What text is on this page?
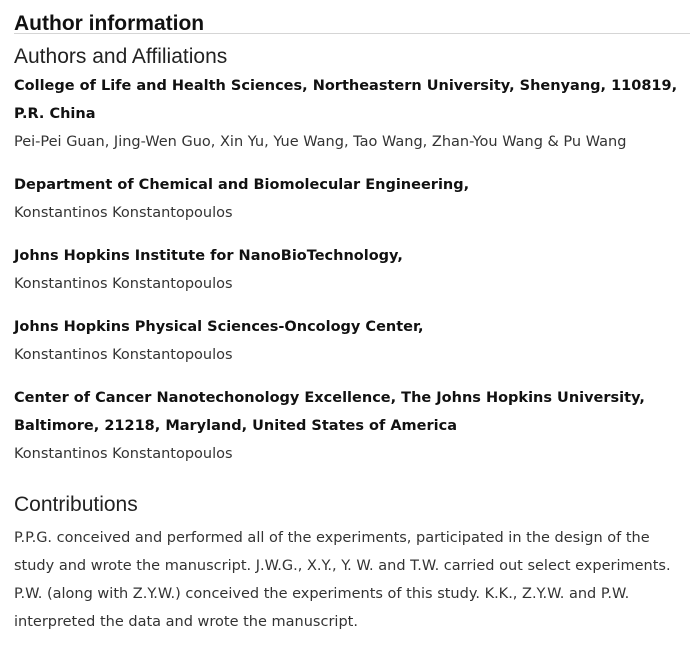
Author information
Authors and Affiliations

College of Life and Health Sciences, Northeastern University, Shenyang, 110819, P.R. China

Pei-Pei Guan, Jing-Wen Guo, Xin Yu, Yue Wang, Tao Wang, Zhan-You Wang & Pu Wang

Department of Chemical and Biomolecular Engineering,

Konstantinos Konstantopoulos

Johns Hopkins Institute for NanoBioTechnology,

Konstantinos Konstantopoulos

Johns Hopkins Physical Sciences-Oncology Center,

Konstantinos Konstantopoulos

Center of Cancer Nanotechonology Excellence, The Johns Hopkins University, Baltimore, 21218, Maryland, United States of America

Konstantinos Konstantopoulos

Contributions

P.P.G. conceived and performed all of the experiments, participated in the design of the study and wrote the manuscript. J.W.G., X.Y., Y. W. and T.W. carried out select experiments. P.W. (along with Z.Y.W.) conceived the experiments of this study. K.K., Z.Y.W. and P.W. interpreted the data and wrote the manuscript.
